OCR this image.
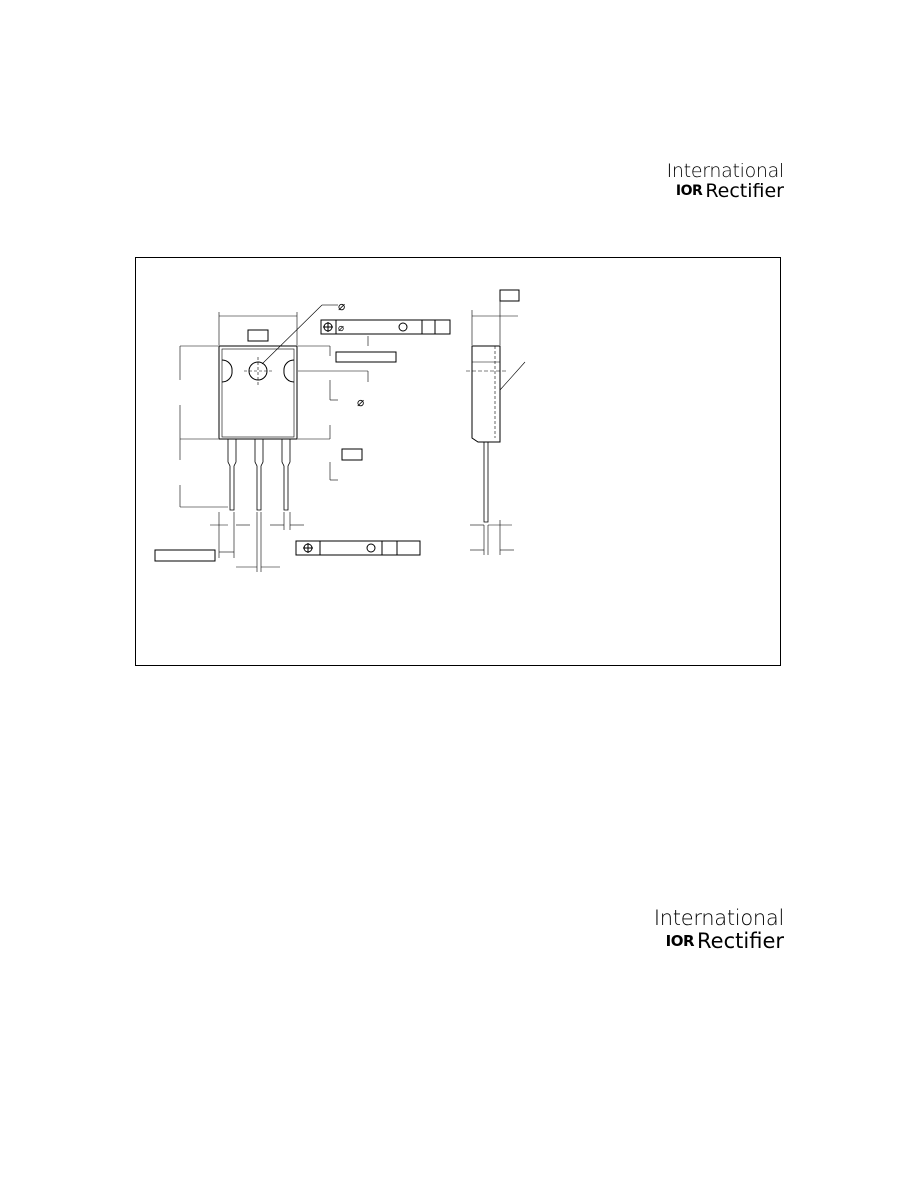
International
IOR Rectifier
⌀
⌀
⌀
International
IOR Rectifier
